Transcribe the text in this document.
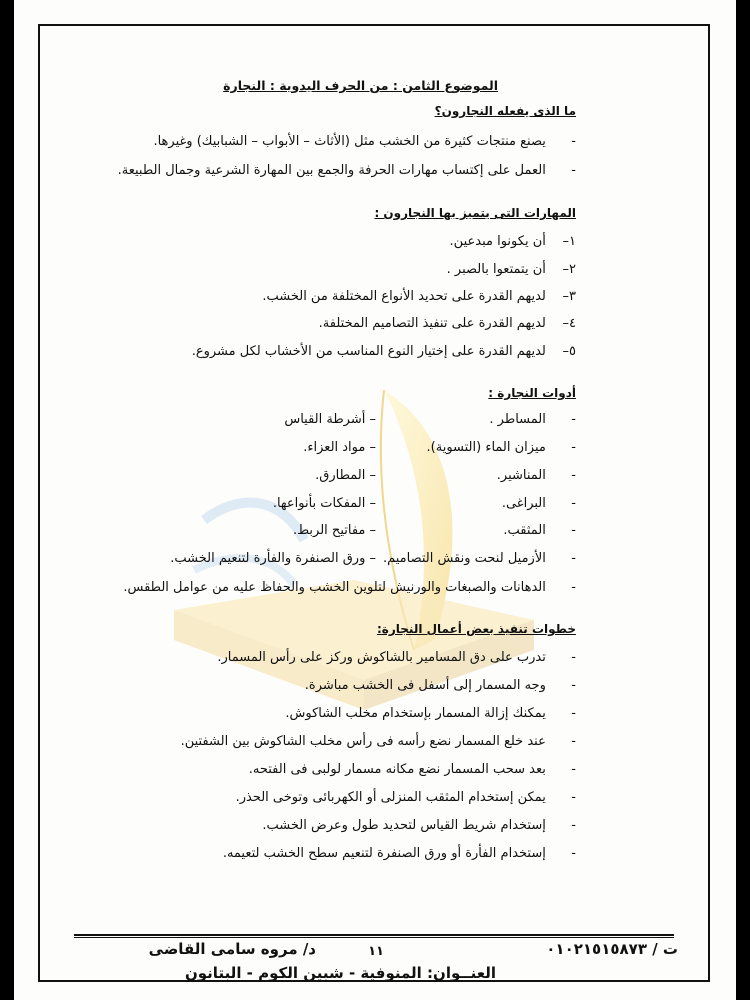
الموضوع الثامن : من الحرف اليدوية : النجارة
ما الذى يفعله النجارون؟
- يصنع منتجات كثيرة من الخشب مثل (الأثاث – الأبواب – الشبابيك) وغيرها.
- العمل على إكتساب مهارات الحرفة والجمع بين المهارة الشرعية وجمال الطبيعة.
المهارات التى يتميز بها النجارون :
١– أن يكونوا مبدعين.
٢– أن يتمتعوا بالصبر .
٣– لديهم القدرة على تحديد الأنواع المختلفة من الخشب.
٤– لديهم القدرة على تنفيذ التصاميم المختلفة.
٥– لديهم القدرة على إختيار النوع المناسب من الأخشاب لكل مشروع.
أدوات النجارة :
- المساطر .
- ميزان الماء (التسوية).
- المناشير.
- البراغى.
- المثقب.
- الأزميل لنحت ونقش التصاميم.
– أشرطة القياس
– مواد العزاء.
– المطارق.
– المفكات بأنواعها.
– مفاتيح الربط.
– ورق الصنفرة والفأرة لتنعيم الخشب.
- الدهانات والصبغات والورنيش لتلوين الخشب والحفاظ عليه من عوامل الطقس.
خطوات تنفيذ بعض أعمال النجارة:
- تدرب على دق المسامير بالشاكوش وركز على رأس المسمار.
- وجه المسمار إلى أسفل فى الخشب مباشرة.
- يمكنك إزالة المسمار بإستخدام مخلب الشاكوش.
- عند خلع المسمار نضع رأسه فى رأس مخلب الشاكوش بين الشفتين.
- بعد سحب المسمار نضع مكانه مسمار لولبى فى الفتحه.
- يمكن إستخدام المثقب المنزلى أو الكهربائى وتوخى الحذر.
- إستخدام شريط القياس لتحديد طول وعرض الخشب.
- إستخدام الفأرة أو ورق الصنفرة لتنعيم سطح الخشب لتعيمه.
د/ مروه سامى القاضى	١١	ت / ٠١٠٢١٥١٥٨٧٣
العنــوان: المنوفية - شبين الكوم - البتانون
